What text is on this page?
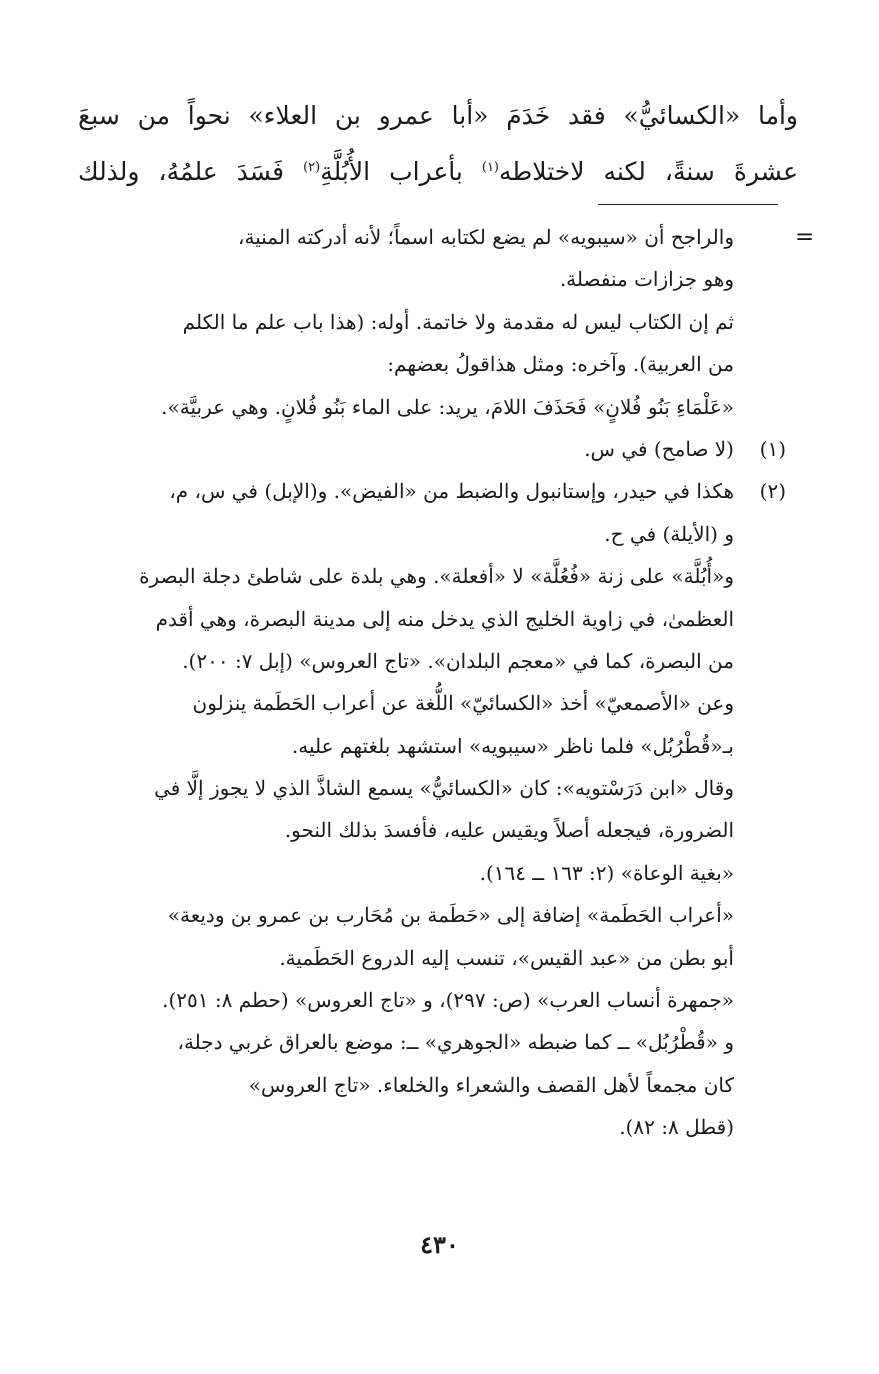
وأما «الكسائيُّ» فقد خَدَمَ «أبا عمرو بن العلاء» نحواً من سبعَ
عشرةَ سنةً، لكنه لاختلاطه$^{(١)}$ بأعراب الأُبُلَّةِ$^{(٢)}$ فَسَدَ علمُهُ، ولذلك
=
والراجح أن «سيبويه» لم يضع لكتابه اسماً؛ لأنه أدركته المنية،
وهو جزازات منفصلة.
ثم إن الكتاب ليس له مقدمة ولا خاتمة. أوله: (هذا باب علم ما الكلم
من العربية). وآخره: ومثل هذاقولُ بعضهم:
«عَلْمَاءِ بَنُو فُلانٍ» فَحَذَفَ اللامَ، يريد: على الماء بَنُو فُلانٍ. وهي عربيَّة».
(١)(لا صامح) في س.
(٢)هكذا في حيدر، وإستانبول والضبط من «الفيض». و(الإبل) في س، م،
و (الأيلة) في ح.
و«أُبُلَّة» على زنة «فُعُلَّة» لا «أفعلة». وهي بلدة على شاطئ دجلة البصرة
العظمىٰ، في زاوية الخليج الذي يدخل منه إلى مدينة البصرة، وهي أقدم
من البصرة، كما في «معجم البلدان». «تاج العروس» (إبل ٧: ٢٠٠).
وعن «الأصمعيّ» أخذ «الكسائيّ» اللُّغة عن أعراب الحَطَمة ينزلون
بـ«قُطْرُبُل» فلما ناظر «سيبويه» استشهد بلغتهم عليه.
وقال «ابن دَرَسْتويه»: كان «الكسائيُّ» يسمع الشاذَّ الذي لا يجوز إلَّا في
الضرورة، فيجعله أصلاً ويقيس عليه، فأفسدَ بذلك النحو.
«بغية الوعاة» (٢: ١٦٣ ــ ١٦٤).
«أعراب الحَطَمة» إضافة إلى «حَطَمة بن مُحَارب بن عمرو بن وديعة»
أبو بطن من «عبد القيس»، تنسب إليه الدروع الحَطَمية.
«جمهرة أنساب العرب» (ص: ٢٩٧)، و «تاج العروس» (حطم ٨: ٢٥١).
و «قُطْرُبُل» ــ كما ضبطه «الجوهري» ــ: موضع بالعراق غربي دجلة،
كان مجمعاً لأهل القصف والشعراء والخلعاء. «تاج العروس»
(قطل ٨: ٨٢).
٤٣٠
